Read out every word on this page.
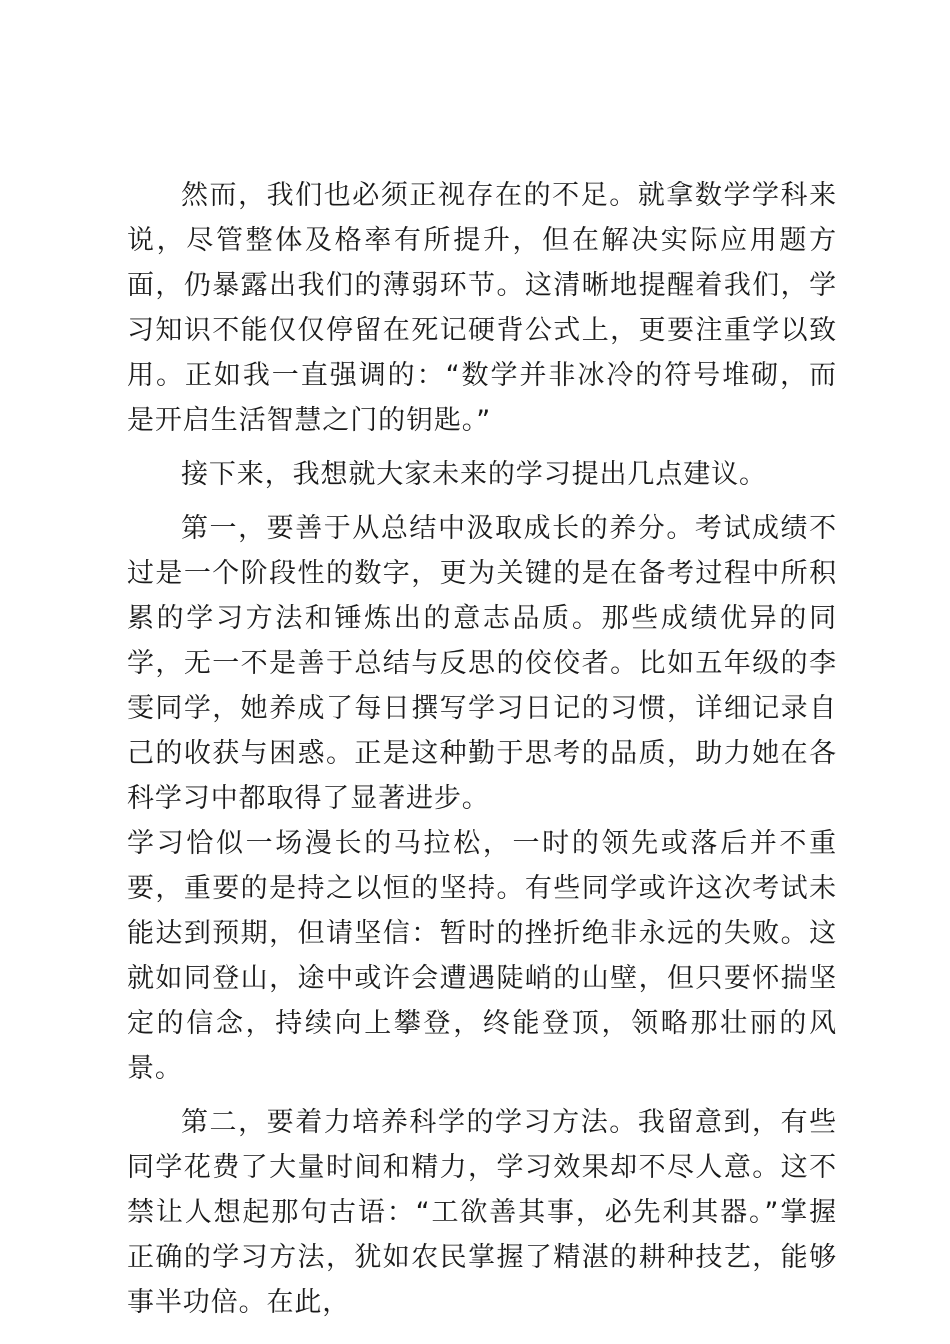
然而，我们也必须正视存在的不足。就拿数学学科来说，尽管整体及格率有所提升，但在解决实际应用题方面，仍暴露出我们的薄弱环节。这清晰地提醒着我们，学习知识不能仅仅停留在死记硬背公式上，更要注重学以致用。正如我一直强调的：“数学并非冰冷的符号堆砌，而是开启生活智慧之门的钥匙。”

接下来，我想就大家未来的学习提出几点建议。

第一，要善于从总结中汲取成长的养分。考试成绩不过是一个阶段性的数字，更为关键的是在备考过程中所积累的学习方法和锤炼出的意志品质。那些成绩优异的同学，无一不是善于总结与反思的佼佼者。比如五年级的李雯同学，她养成了每日撰写学习日记的习惯，详细记录自己的收获与困惑。正是这种勤于思考的品质，助力她在各科学习中都取得了显著进步。

学习恰似一场漫长的马拉松，一时的领先或落后并不重要，重要的是持之以恒的坚持。有些同学或许这次考试未能达到预期，但请坚信：暂时的挫折绝非永远的失败。这就如同登山，途中或许会遭遇陡峭的山壁，但只要怀揣坚定的信念，持续向上攀登，终能登顶，领略那壮丽的风景。

第二，要着力培养科学的学习方法。我留意到，有些同学花费了大量时间和精力，学习效果却不尽人意。这不禁让人想起那句古语：“工欲善其事，必先利其器。”掌握正确的学习方法，犹如农民掌握了精湛的耕种技艺，能够事半功倍。在此，
